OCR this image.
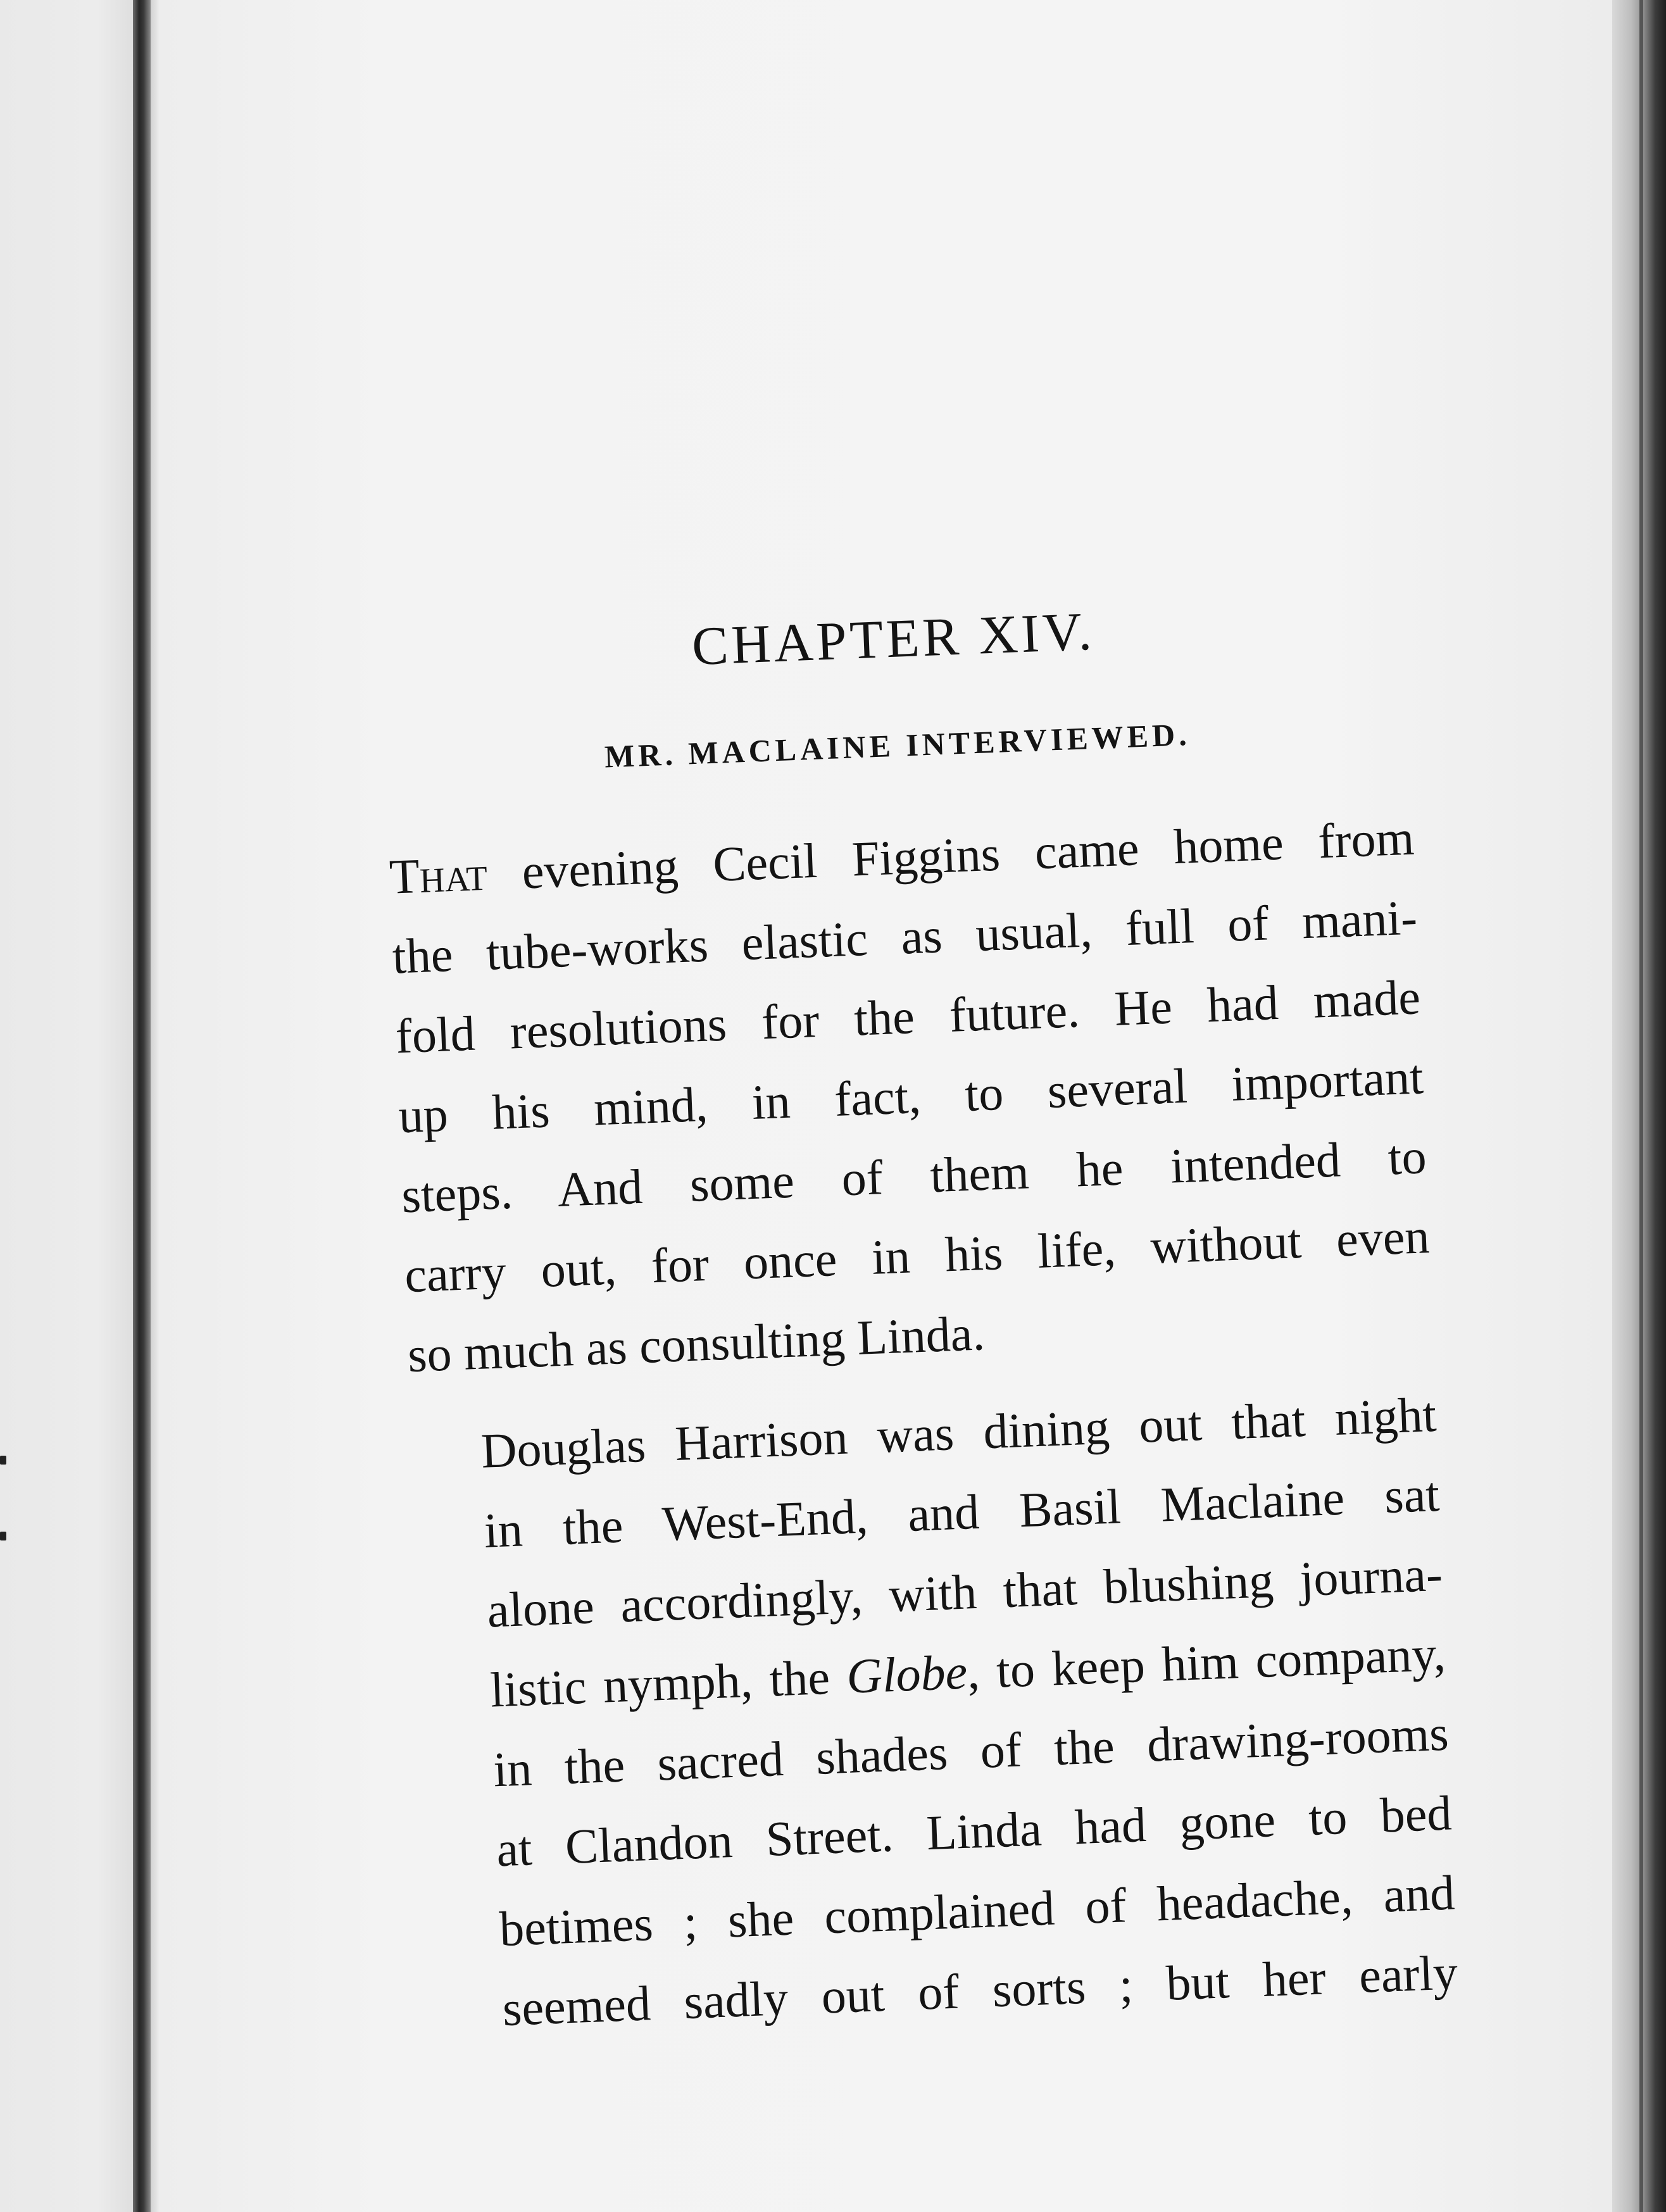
CHAPTER XIV.
MR. MACLAINE INTERVIEWED.

That evening Cecil Figgins came home from
the tube-works elastic as usual, full of mani-
fold resolutions for the future. He had made
up his mind, in fact, to several important
steps. And some of them he intended to
carry out, for once in his life, without even
so much as consulting Linda.

Douglas Harrison was dining out that night
in the West-End, and Basil Maclaine sat
alone accordingly, with that blushing journa-
listic nymph, the Globe, to keep him company,
in the sacred shades of the drawing-rooms
at Clandon Street. Linda had gone to bed
betimes ; she complained of headache, and
seemed sadly out of sorts ; but her early
